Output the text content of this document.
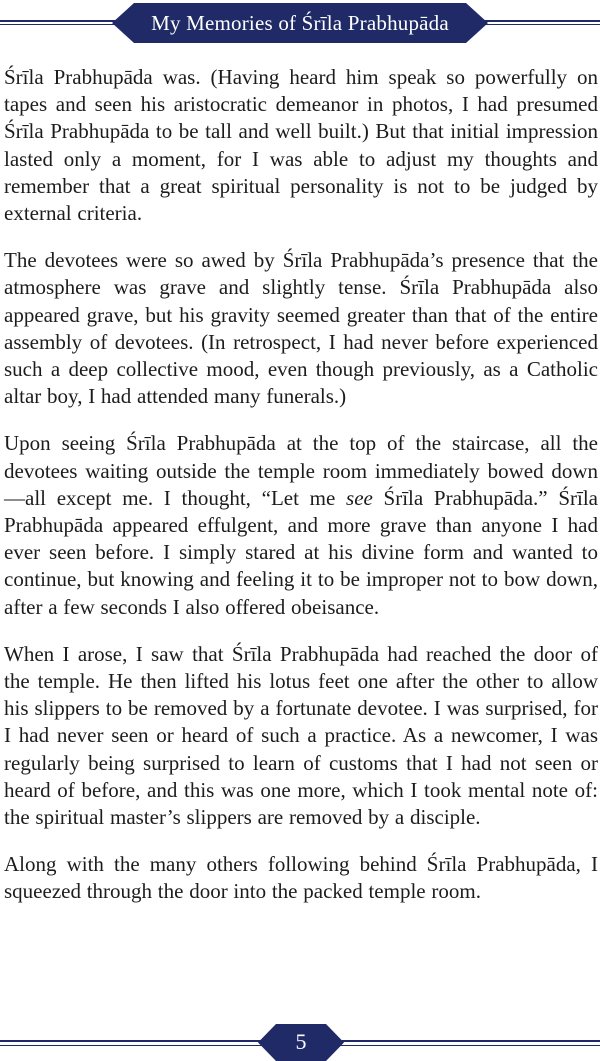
My Memories of Śrīla Prabhupāda

Śrīla Prabhupāda was. (Having heard him speak so powerfully on tapes and seen his aristocratic demeanor in photos, I had presumed Śrīla Prabhupāda to be tall and well built.) But that initial impression lasted only a moment, for I was able to adjust my thoughts and remember that a great spiritual personality is not to be judged by external criteria.

The devotees were so awed by Śrīla Prabhupāda’s presence that the atmosphere was grave and slightly tense. Śrīla Prabhupāda also appeared grave, but his gravity seemed greater than that of the entire assembly of devotees. (In retrospect, I had never before experienced such a deep collective mood, even though previously, as a Catholic altar boy, I had attended many funerals.)

Upon seeing Śrīla Prabhupāda at the top of the staircase, all the devotees waiting outside the temple room immediately bowed down—all except me. I thought, “Let me see Śrīla Prabhupāda.” Śrīla Prabhupāda appeared effulgent, and more grave than anyone I had ever seen before. I simply stared at his divine form and wanted to continue, but knowing and feeling it to be improper not to bow down, after a few seconds I also offered obeisance.

When I arose, I saw that Śrīla Prabhupāda had reached the door of the temple. He then lifted his lotus feet one after the other to allow his slippers to be removed by a fortunate devotee. I was surprised, for I had never seen or heard of such a practice. As a newcomer, I was regularly being surprised to learn of customs that I had not seen or heard of before, and this was one more, which I took mental note of: the spiritual master’s slippers are removed by a disciple.

Along with the many others following behind Śrīla Prabhupāda, I squeezed through the door into the packed temple room.

5
